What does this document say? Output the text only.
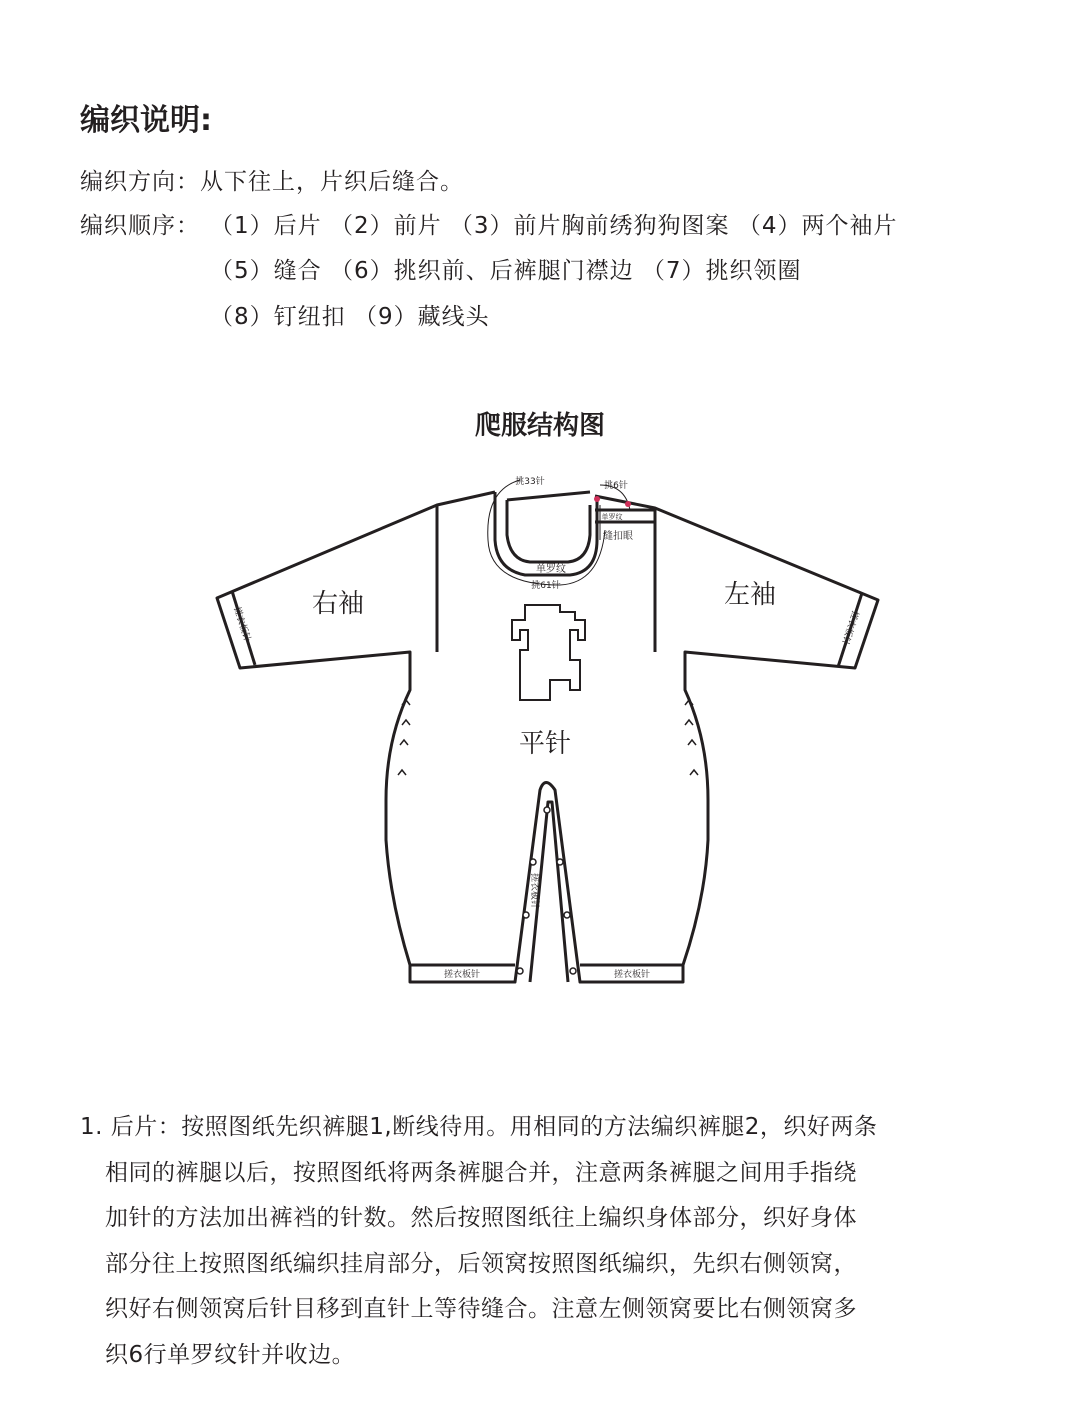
编织说明:
编织方向：从下往上，片织后缝合。
编织顺序： （1）后片 （2）前片 （3）前片胸前绣狗狗图案 （4）两个袖片
（5）缝合 （6）挑织前、后裤腿门襟边 （7）挑织领圈
（8）钉纽扣 （9）藏线头
爬服结构图
右袖	左袖
平针
挑33针	挑6针
单罗纹
缝扣眼
单罗纹
挑61针
搓衣板针	搓衣板针
搓衣板针	搓衣板针
搓衣板针

1. 后片：按照图纸先织裤腿1,断线待用。用相同的方法编织裤腿2，织好两条

相同的裤腿以后，按照图纸将两条裤腿合并，注意两条裤腿之间用手指绕

加针的方法加出裤裆的针数。然后按照图纸往上编织身体部分，织好身体

部分往上按照图纸编织挂肩部分，后领窝按照图纸编织，先织右侧领窝，

织好右侧领窝后针目移到直针上等待缝合。注意左侧领窝要比右侧领窝多

织6行单罗纹针并收边。
